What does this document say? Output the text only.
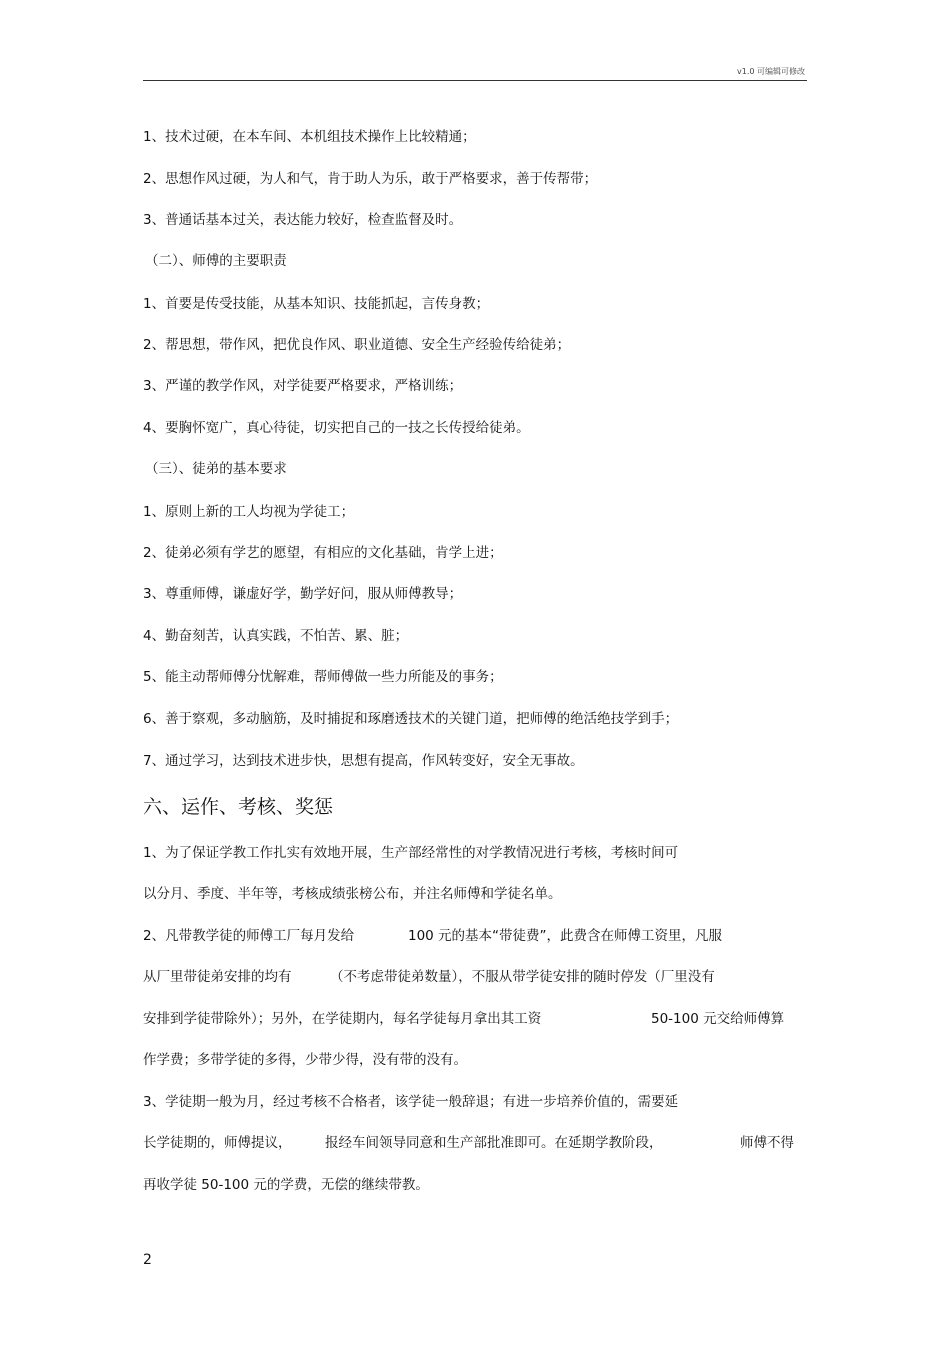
v1.0 可编辑可修改
1、技术过硬，在本车间、本机组技术操作上比较精通；
2、思想作风过硬，为人和气，肯于助人为乐，敢于严格要求，善于传帮带；
3、普通话基本过关，表达能力较好，检查监督及时。
（二）、师傅的主要职责
1、首要是传受技能，从基本知识、技能抓起，言传身教；
2、帮思想，带作风，把优良作风、职业道德、安全生产经验传给徒弟；
3、严谨的教学作风，对学徒要严格要求，严格训练；
4、要胸怀宽广，真心待徒，切实把自己的一技之长传授给徒弟。
（三）、徒弟的基本要求
1、原则上新的工人均视为学徒工；
2、徒弟必须有学艺的愿望，有相应的文化基础，肯学上进；
3、尊重师傅，谦虚好学，勤学好问，服从师傅教导；
4、勤奋刻苦，认真实践，不怕苦、累、脏；
5、能主动帮师傅分忧解难，帮师傅做一些力所能及的事务；
6、善于察观，多动脑筋，及时捕捉和琢磨透技术的关键门道，把师傅的绝活绝技学到手；
7、通过学习，达到技术进步快，思想有提高，作风转变好，安全无事故。
六、运作、考核、奖惩
1、为了保证学教工作扎实有效地开展，生产部经常性的对学教情况进行考核，考核时间可
以分月、季度、半年等，考核成绩张榜公布，并注名师傅和学徒名单。
2、凡带教学徒的师傅工厂每月发给	100 元的基本“带徒费”，此费含在师傅工资里，凡服
从厂里带徒弟安排的均有	（不考虑带徒弟数量），不服从带学徒安排的随时停发（厂里没有
安排到学徒带除外）；另外，在学徒期内，每名学徒每月拿出其工资	50-100 元交给师傅算
作学费；多带学徒的多得，少带少得，没有带的没有。
3、学徒期一般为月，经过考核不合格者，该学徒一般辞退；有进一步培养价值的，需要延
长学徒期的，师傅提议， 报经车间领导同意和生产部批准即可。在延期学教阶段，	师傅不得
再收学徒 50-100 元的学费，无偿的继续带教。
2
